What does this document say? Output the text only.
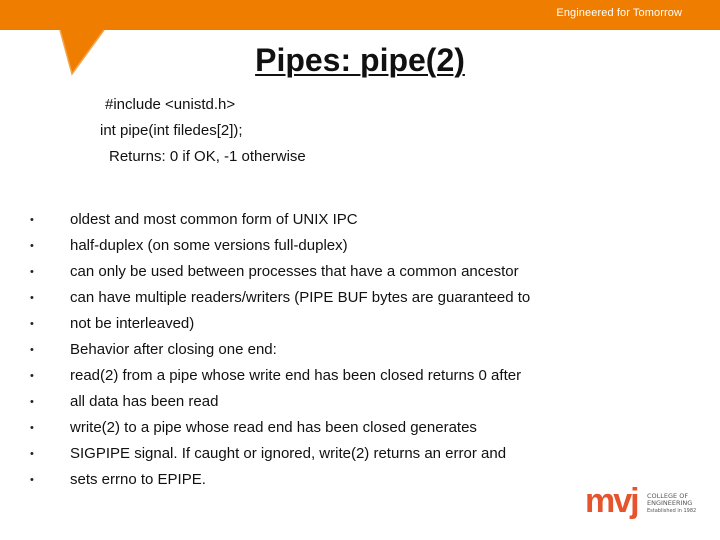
Engineered for Tomorrow
Pipes: pipe(2)
#include <unistd.h>
int pipe(int filedes[2]);
Returns: 0 if OK, -1 otherwise
• oldest and most common form of UNIX IPC
• half-duplex (on some versions full-duplex)
• can only be used between processes that have a common ancestor
• can have multiple readers/writers (PIPE BUF bytes are guaranteed to
• not be interleaved)
• Behavior after closing one end:
• read(2) from a pipe whose write end has been closed returns 0 after
• all data has been read
• write(2) to a pipe whose read end has been closed generates
• SIGPIPE signal. If caught or ignored, write(2) returns an error and
• sets errno to EPIPE.
mvj COLLEGE OF
ENGINEERING
Established in 1982
